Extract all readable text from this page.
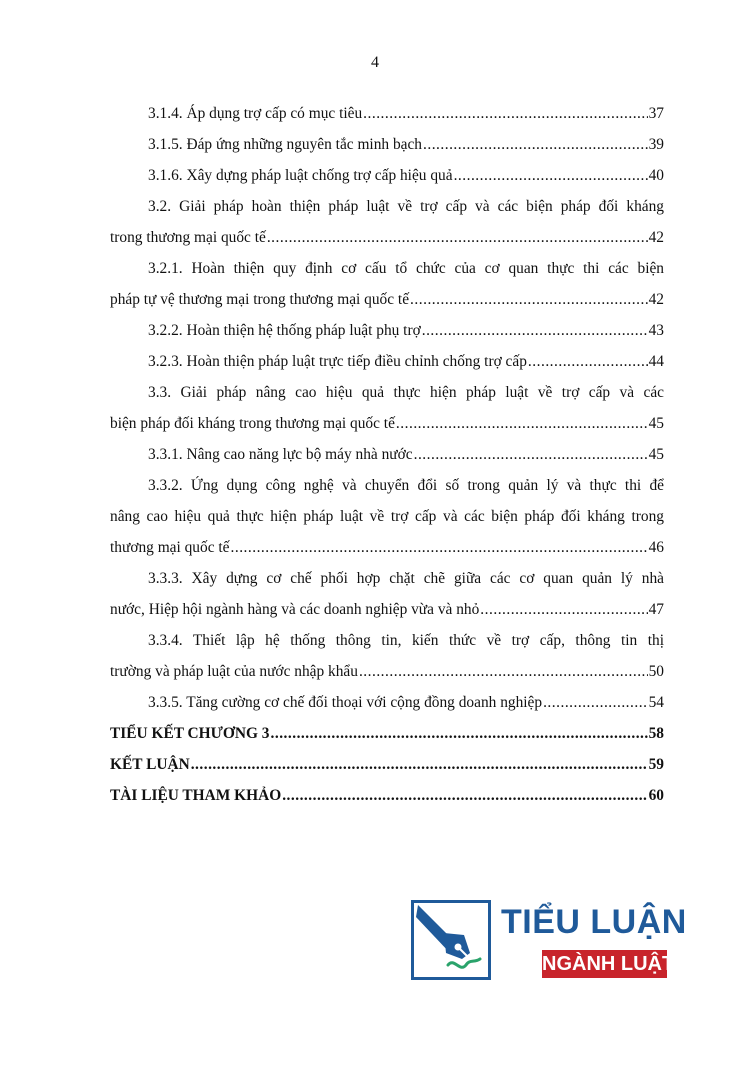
4
3.1.4. Áp dụng trợ cấp có mục tiêu .....	37
3.1.5. Đáp ứng những nguyên tắc minh bạch .....	39
3.1.6. Xây dựng pháp luật chống trợ cấp hiệu quả .....	40
3.2. Giải pháp hoàn thiện pháp luật về trợ cấp và các biện pháp đối kháng
trong thương mại quốc tế .....	42
3.2.1. Hoàn thiện quy định cơ cấu tổ chức của cơ quan thực thi các biện
pháp tự vệ thương mại trong thương mại quốc tế .....	42
3.2.2. Hoàn thiện hệ thống pháp luật phụ trợ .....	43
3.2.3. Hoàn thiện pháp luật trực tiếp điều chỉnh chống trợ cấp .....	44
3.3. Giải pháp nâng cao hiệu quả thực hiện pháp luật về trợ cấp và các
biện pháp đối kháng trong thương mại quốc tế .....	45
3.3.1. Nâng cao năng lực bộ máy nhà nước .....	45
3.3.2. Ứng dụng công nghệ và chuyển đổi số trong quản lý và thực thi để
nâng cao hiệu quả thực hiện pháp luật về trợ cấp và các biện pháp đối kháng trong
thương mại quốc tế .....	46
3.3.3. Xây dựng cơ chế phối hợp chặt chẽ giữa các cơ quan quản lý nhà
nước, Hiệp hội ngành hàng và các doanh nghiệp vừa và nhỏ .....	47
3.3.4. Thiết lập hệ thống thông tin, kiến thức về trợ cấp, thông tin thị
trường và pháp luật của nước nhập khẩu .....	50
3.3.5. Tăng cường cơ chế đối thoại với cộng đồng doanh nghiệp .....	54
TIỂU KẾT CHƯƠNG 3 .....	58
KẾT LUẬN .....	59
TÀI LIỆU THAM KHẢO .....	60
TIỂU LUẬN
NGÀNH LUẬT
